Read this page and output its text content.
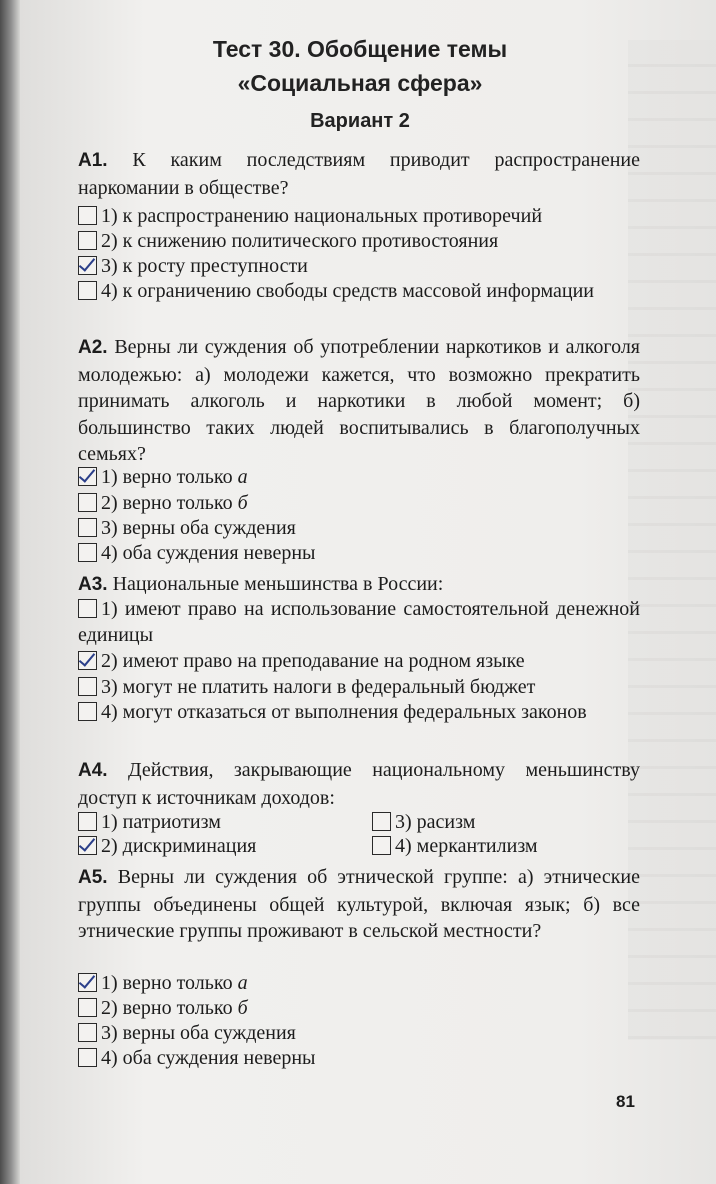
Тест 30. Обобщение темы
«Социальная сфера»
Вариант 2
А1. К каким последствиям приводит распространение наркомании в обществе?
1) к распространению национальных противоречий
2) к снижению политического противостояния
3) к росту преступности
4) к ограничению свободы средств массовой информации
А2. Верны ли суждения об употреблении наркотиков и алкоголя молодежью: а) молодежи кажется, что возможно прекратить принимать алкоголь и наркотики в любой момент; б) большинство таких людей воспитывались в благополучных семьях?
1) верно только а
2) верно только б
3) верны оба суждения
4) оба суждения неверны
А3. Национальные меньшинства в России:
1) имеют право на использование самостоятельной денежной единицы
2) имеют право на преподавание на родном языке
3) могут не платить налоги в федеральный бюджет
4) могут отказаться от выполнения федеральных законов
А4. Действия, закрывающие национальному меньшинству доступ к источникам доходов:
1) патриотизм	3) расизм
2) дискриминация	4) меркантилизм
А5. Верны ли суждения об этнической группе: а) этнические группы объединены общей культурой, включая язык; б) все этнические группы проживают в сельской местности?
1) верно только а
2) верно только б
3) верны оба суждения
4) оба суждения неверны
81
